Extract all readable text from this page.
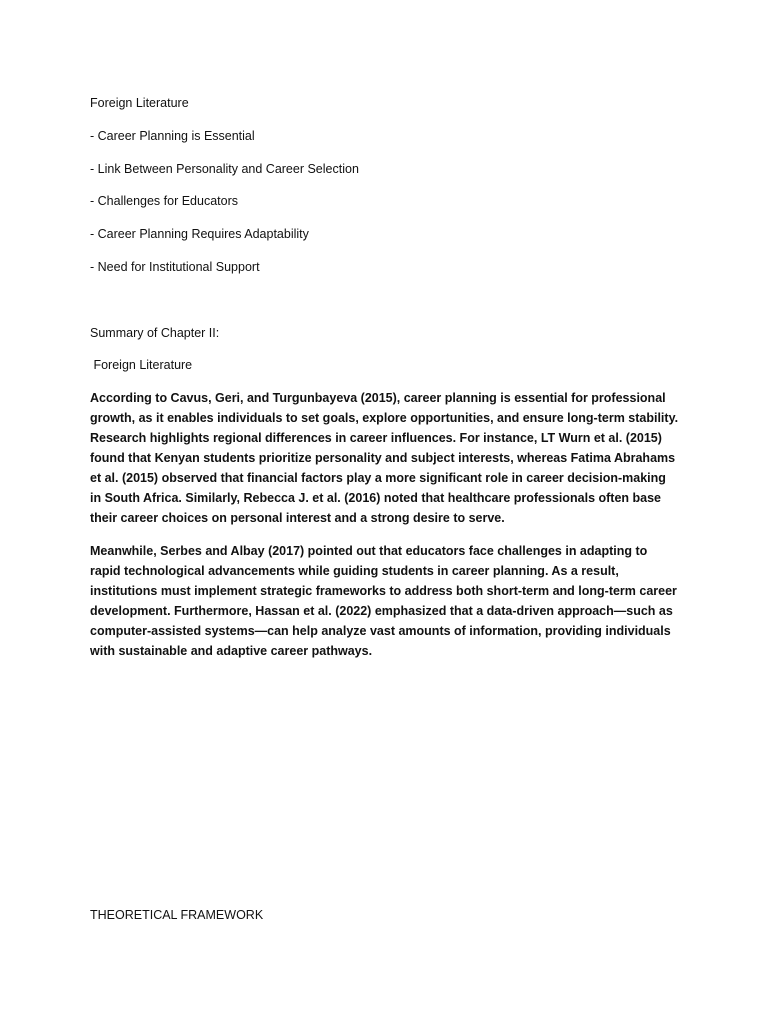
Foreign Literature
- Career Planning is Essential
- Link Between Personality and Career Selection
- Challenges for Educators
- Career Planning Requires Adaptability
- Need for Institutional Support
Summary of Chapter II:
Foreign Literature

According to Cavus, Geri, and Turgunbayeva (2015), career planning is essential for professional growth, as it enables individuals to set goals, explore opportunities, and ensure long-term stability. Research highlights regional differences in career influences. For instance, LT Wurn et al. (2015) found that Kenyan students prioritize personality and subject interests, whereas Fatima Abrahams et al. (2015) observed that financial factors play a more significant role in career decision-making in South Africa. Similarly, Rebecca J. et al. (2016) noted that healthcare professionals often base their career choices on personal interest and a strong desire to serve.

Meanwhile, Serbes and Albay (2017) pointed out that educators face challenges in adapting to rapid technological advancements while guiding students in career planning. As a result, institutions must implement strategic frameworks to address both short-term and long-term career development. Furthermore, Hassan et al. (2022) emphasized that a data-driven approach—such as computer-assisted systems—can help analyze vast amounts of information, providing individuals with sustainable and adaptive career pathways.

THEORETICAL FRAMEWORK
